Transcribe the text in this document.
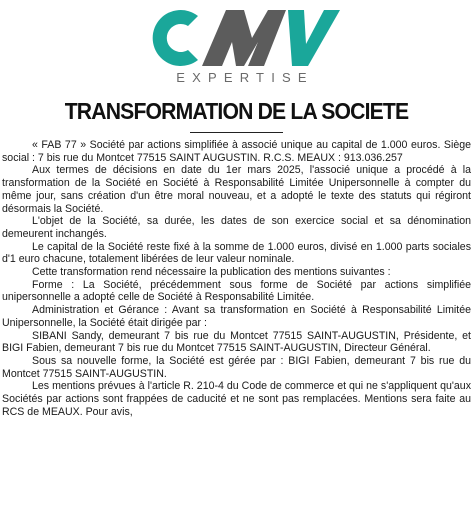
EXPERTISE
TRANSFORMATION DE LA SOCIETE

« FAB 77 » Société par actions simplifiée à associé unique au capital de 1.000 euros. Siège social : 7 bis rue du Montcet 77515 SAINT AUGUSTIN. R.C.S. MEAUX : 913.036.257

Aux termes de décisions en date du 1er mars 2025, l'associé unique a procédé à la transformation de la Société en Société à Responsabilité Limitée Unipersonnelle à compter du même jour, sans création d'un être moral nouveau, et a adopté le texte des statuts qui régiront désormais la Société.

L'objet de la Société, sa durée, les dates de son exercice social et sa dénomination demeurent inchangés.

Le capital de la Société reste fixé à la somme de 1.000 euros, divisé en 1.000 parts sociales d'1 euro chacune, totalement libérées de leur valeur nominale.

Cette transformation rend nécessaire la publication des mentions suivantes :

Forme : La Société, précédemment sous forme de Société par actions simplifiée unipersonnelle a adopté celle de Société à Responsabilité Limitée.

Administration et Gérance : Avant sa transformation en Société à Responsabilité Limitée Unipersonnelle, la Société était dirigée par :

SIBANI Sandy, demeurant 7 bis rue du Montcet 77515 SAINT-AUGUSTIN, Présidente, et BIGI Fabien, demeurant 7 bis rue du Montcet 77515 SAINT-AUGUSTIN, Directeur Général.

Sous sa nouvelle forme, la Société est gérée par : BIGI Fabien, demeurant 7 bis rue du Montcet 77515 SAINT-AUGUSTIN.

Les mentions prévues à l'article R. 210-4 du Code de commerce et qui ne s'appliquent qu'aux Sociétés par actions sont frappées de caducité et ne sont pas remplacées. Mentions sera faite au RCS de MEAUX. Pour avis,
